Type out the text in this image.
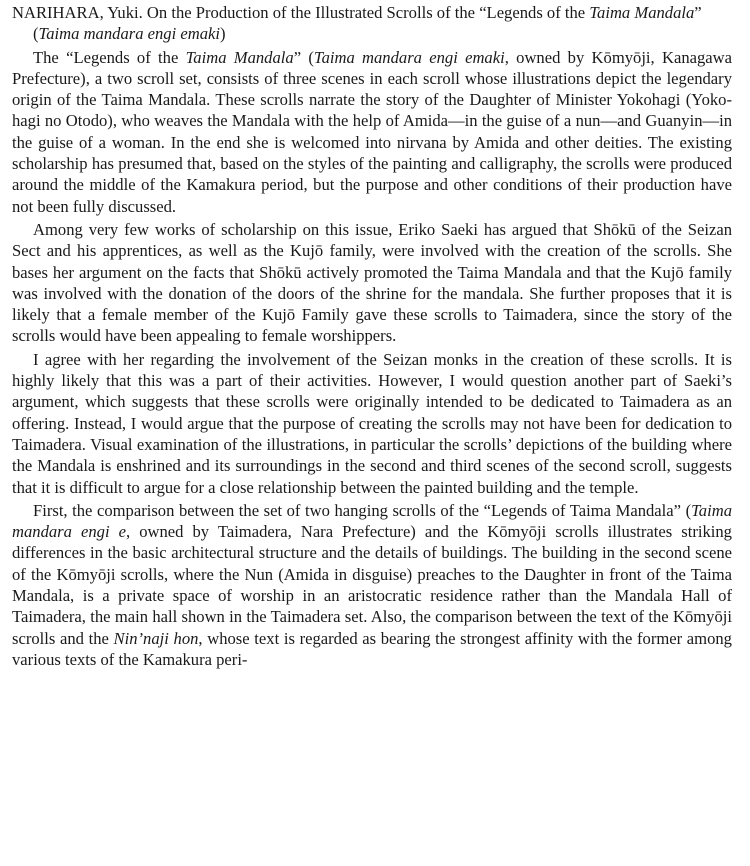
NARIHARA, Yuki. On the Production of the Illustrated Scrolls of the “Legends of the Taima Mandala” (Taima mandara engi emaki)

The “Legends of the Taima Mandala” (Taima mandara engi emaki, owned by Kōmyōji, Kanagawa Prefecture), a two scroll set, consists of three scenes in each scroll whose illustrations depict the legendary origin of the Taima Mandala. These scrolls narrate the story of the Daughter of Minister Yokohagi (Yokohagi no Otodo), who weaves the Mandala with the help of Amida—in the guise of a nun—and Guanyin—in the guise of a woman. In the end she is welcomed into nirvana by Amida and other deities. The existing scholarship has presumed that, based on the styles of the painting and calligraphy, the scrolls were produced around the middle of the Kamakura period, but the purpose and other conditions of their production have not been fully discussed.

Among very few works of scholarship on this issue, Eriko Saeki has argued that Shōkū of the Seizan Sect and his apprentices, as well as the Kujō family, were involved with the creation of the scrolls. She bases her argument on the facts that Shōkū actively promoted the Taima Mandala and that the Kujō family was involved with the donation of the doors of the shrine for the mandala. She further proposes that it is likely that a female member of the Kujō Family gave these scrolls to Taimadera, since the story of the scrolls would have been appealing to female worshippers.

I agree with her regarding the involvement of the Seizan monks in the creation of these scrolls. It is highly likely that this was a part of their activities. However, I would question another part of Saeki’s argument, which suggests that these scrolls were originally intended to be dedicated to Taimadera as an offering. Instead, I would argue that the purpose of creating the scrolls may not have been for dedication to Taimadera. Visual examination of the illustrations, in particular the scrolls’ depictions of the building where the Mandala is enshrined and its surroundings in the second and third scenes of the second scroll, suggests that it is difficult to argue for a close relationship between the painted building and the temple.

First, the comparison between the set of two hanging scrolls of the “Legends of Taima Mandala” (Taima mandara engi e, owned by Taimadera, Nara Prefecture) and the Kōmyōji scrolls illustrates striking differences in the basic architectural structure and the details of buildings. The building in the second scene of the Kōmyōji scrolls, where the Nun (Amida in disguise) preaches to the Daughter in front of the Taima Mandala, is a private space of worship in an aristocratic residence rather than the Mandala Hall of Taimadera, the main hall shown in the Taimadera set. Also, the comparison between the text of the Kōmyōji scrolls and the Nin’naji hon, whose text is regarded as bearing the strongest affinity with the former among various texts of the Kamakura peri-
